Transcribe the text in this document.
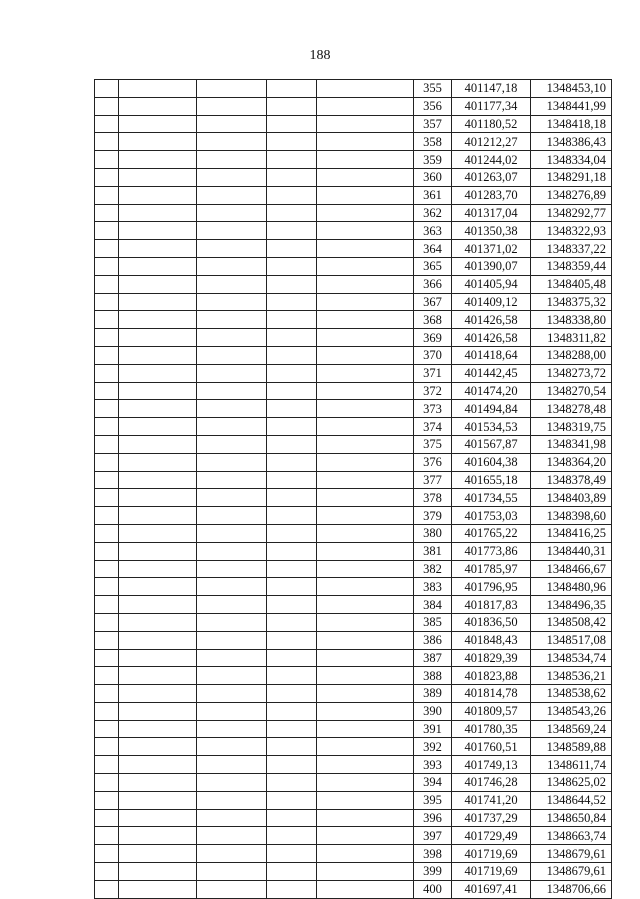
188
					355	401147,18	1348453,10
					356	401177,34	1348441,99
					357	401180,52	1348418,18
					358	401212,27	1348386,43
					359	401244,02	1348334,04
					360	401263,07	1348291,18
					361	401283,70	1348276,89
					362	401317,04	1348292,77
					363	401350,38	1348322,93
					364	401371,02	1348337,22
					365	401390,07	1348359,44
					366	401405,94	1348405,48
					367	401409,12	1348375,32
					368	401426,58	1348338,80
					369	401426,58	1348311,82
					370	401418,64	1348288,00
					371	401442,45	1348273,72
					372	401474,20	1348270,54
					373	401494,84	1348278,48
					374	401534,53	1348319,75
					375	401567,87	1348341,98
					376	401604,38	1348364,20
					377	401655,18	1348378,49
					378	401734,55	1348403,89
					379	401753,03	1348398,60
					380	401765,22	1348416,25
					381	401773,86	1348440,31
					382	401785,97	1348466,67
					383	401796,95	1348480,96
					384	401817,83	1348496,35
					385	401836,50	1348508,42
					386	401848,43	1348517,08
					387	401829,39	1348534,74
					388	401823,88	1348536,21
					389	401814,78	1348538,62
					390	401809,57	1348543,26
					391	401780,35	1348569,24
					392	401760,51	1348589,88
					393	401749,13	1348611,74
					394	401746,28	1348625,02
					395	401741,20	1348644,52
					396	401737,29	1348650,84
					397	401729,49	1348663,74
					398	401719,69	1348679,61
					399	401719,69	1348679,61
					400	401697,41	1348706,66
